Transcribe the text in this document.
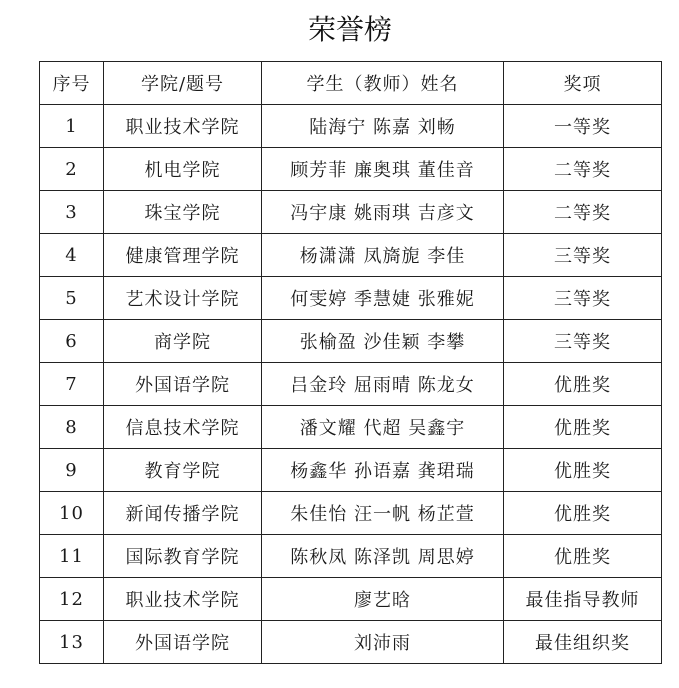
荣誉榜
序号	学院/题号	学生（教师）姓名	奖项
1	职业技术学院	陆海宁 陈嘉 刘畅	一等奖
2	机电学院	顾芳菲 廉奥琪 董佳音	二等奖
3	珠宝学院	冯宇康 姚雨琪 吉彦文	二等奖
4	健康管理学院	杨潇潇 凤旖旎 李佳	三等奖
5	艺术设计学院	何雯婷 季慧婕 张雅妮	三等奖
6	商学院	张榆盈 沙佳颖 李攀	三等奖
7	外国语学院	吕金玲 屈雨晴 陈龙女	优胜奖
8	信息技术学院	潘文耀 代超 吴鑫宇	优胜奖
9	教育学院	杨鑫华 孙语嘉 龚珺瑞	优胜奖
10	新闻传播学院	朱佳怡 汪一帆 杨芷萱	优胜奖
11	国际教育学院	陈秋凤 陈泽凯 周思婷	优胜奖
12	职业技术学院	廖艺晗	最佳指导教师
13	外国语学院	刘沛雨	最佳组织奖
